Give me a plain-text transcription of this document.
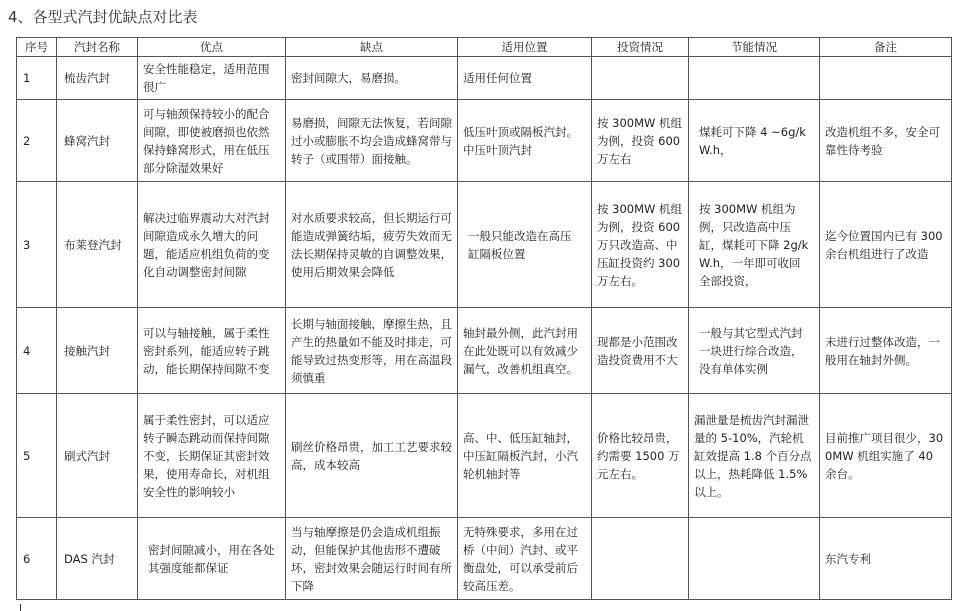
4、各型式汽封优缺点对比表
序号	汽封名称	优点	缺点	适用位置	投资情况	节能情况	备注
1	梳齿汽封	安全性能稳定，适用范围很广	密封间隙大，易磨损。	适用任何位置			
2	蜂窝汽封	可与轴颈保持较小的配合间隙，即使被磨损也依然保持蜂窝形式，用在低压部分除湿效果好	易磨损，间隙无法恢复，若间隙过小或膨胀不均会造成蜂窝带与转子（或围带）面接触。	低压叶顶或隔板汽封。中压叶顶汽封	按 300MW 机组为例，投资 600 万左右	煤耗可下降 4 ~6g/kW.h，	改造机组不多，安全可靠性待考验
3	布莱登汽封	解决过临界震动大对汽封间隙造成永久增大的问题，能适应机组负荷的变化自动调整密封间隙	对水质要求较高，但长期运行可能造成弹簧结垢，疲劳失效而无法长期保持灵敏的自调整效果，使用后期效果会降低	一般只能改造在高压缸隔板位置	按 300MW 机组为例，投资 600 万只改造高、中压缸投资约 300 万左右。	按 300MW 机组为例，只改造高中压缸，煤耗可下降 2g/kW.h，一年即可收回全部投资，	迄今位置国内已有 300 余台机组进行了改造
4	接触汽封	可以与轴接触，属于柔性密封系列，能适应转子跳动，能长期保持间隙不变	长期与轴面接触，摩擦生热，且产生的热量如不能及时排走，可能导致过热变形等，用在高温段须慎重	轴封最外侧，此汽封用在此处既可以有效减少漏气，改善机组真空。	现都是小范围改造投资费用不大	一般与其它型式汽封一块进行综合改造，没有单体实例	未进行过整体改造，一般用在轴封外侧。
5	刷式汽封	属于柔性密封，可以适应转子瞬态跳动而保持间隙不变，长期保证其密封效果，使用寿命长，对机组安全性的影响较小	刷丝价格昂贵，加工工艺要求较高，成本较高	高、中、低压缸轴封，中压缸隔板汽封，小汽轮机轴封等	价格比较昂贵，约需要 1500 万元左右。	漏泄量是梳齿汽封漏泄量的 5-10%，汽轮机缸效提高 1.8 个百分点以上，热耗降低 1.5%以上。	目前推广项目很少，300MW 机组实施了 40 余台。
6	DAS 汽封	密封间隙减小，用在各处其强度能都保证	当与轴摩擦是仍会造成机组振动，但能保护其他齿形不遭破坏，密封效果会随运行时间有所下降	无特殊要求，多用在过桥（中间）汽封、或平衡盘处，可以承受前后较高压差。			东汽专利
